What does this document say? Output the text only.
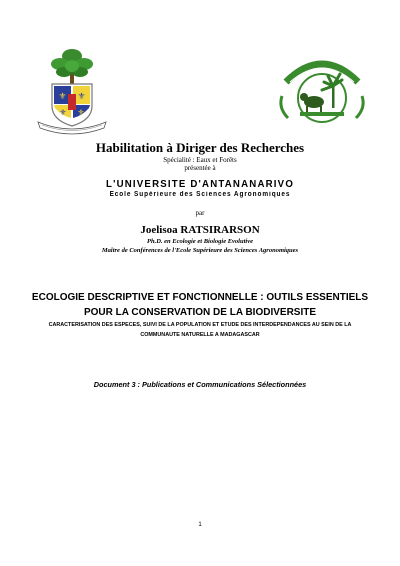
⚜ ⚜
⚜ ⚜
Habilitation à Diriger des Recherches
Spécialité : Eaux et Forêts
présentée à
L'UNIVERSITE D'ANTANANARIVO
Ecole Supérieure des Sciences Agronomiques
par
Joelisoa RATSIRARSON
Ph.D. en Ecologie et Biologie Evolutive
Maître de Conférences de l'Ecole Supérieure des Sciences Agronomiques
ECOLOGIE DESCRIPTIVE ET FONCTIONNELLE : OUTILS ESSENTIELS
POUR LA CONSERVATION DE LA BIODIVERSITE
CARACTERISATION DES ESPECES, SUIVI DE LA POPULATION ET ETUDE DES INTERDEPENDANCES AU SEIN DE LA
COMMUNAUTE NATURELLE A MADAGASCAR
Document 3 : Publications et Communications Sélectionnées
1
